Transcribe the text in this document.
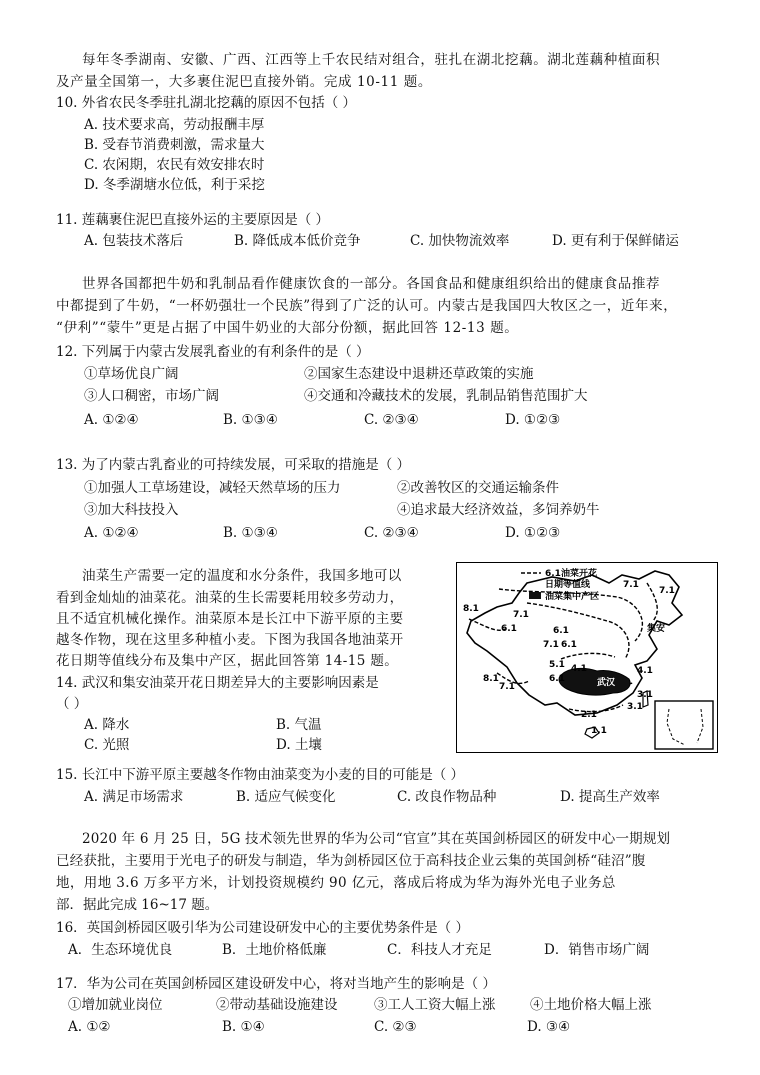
每年冬季湖南、安徽、广西、江西等上千农民结对组合，驻扎在湖北挖藕。湖北莲藕种植面积
及产量全国第一，大多裹住泥巴直接外销。完成 10-11 题。
10. 外省农民冬季驻扎湖北挖藕的原因不包括（ ）
A. 技术要求高，劳动报酬丰厚
B. 受春节消费刺激，需求量大
C. 农闲期，农民有效安排农时
D. 冬季湖塘水位低，利于采挖
11. 莲藕裹住泥巴直接外运的主要原因是（ ）
A. 包装技术落后	B. 降低成本低价竞争	C. 加快物流效率	D. 更有利于保鲜储运
世界各国都把牛奶和乳制品看作健康饮食的一部分。各国食品和健康组织给出的健康食品推荐
中都提到了牛奶，“一杯奶强壮一个民族”得到了广泛的认可。内蒙古是我国四大牧区之一，近年来，
“伊利”“蒙牛”更是占据了中国牛奶业的大部分份额，据此回答 12-13 题。
12. 下列属于内蒙古发展乳畜业的有利条件的是（ ）
①草场优良广阔	②国家生态建设中退耕还草政策的实施
③人口稠密，市场广阔	④交通和冷藏技术的发展，乳制品销售范围扩大
A. ①②④	B. ①③④	C. ②③④	D. ①②③
13. 为了内蒙古乳畜业的可持续发展，可采取的措施是（ ）
①加强人工草场建设，减轻天然草场的压力	②改善牧区的交通运输条件
③加大科技投入	④追求最大经济效益，多饲养奶牛
A. ①②④	B. ①③④	C. ②③④	D. ①②③
油菜生产需要一定的温度和水分条件，我国多地可以
看到金灿灿的油菜花。油菜的生长需要耗用较多劳动力，
且不适宜机械化操作。油菜原本是长江中下游平原的主要
越冬作物，现在这里多种植小麦。下图为我国各地油菜开
花日期等值线分布及集中产区，据此回答第 14-15 题。
6.1油菜开花
日期等值线
油菜集中产区
集安
武汉
8.1
7.1
6.1
7.1
6.1
7.1 6.1
4.1
5.1
4.1
3.1
8.1
7.1
6.1
3.1
2.1
1.1
7.1
14. 武汉和集安油菜开花日期差异大的主要影响因素是
（ ）
A. 降水	B. 气温
C. 光照	D. 土壤
15. 长江中下游平原主要越冬作物由油菜变为小麦的目的可能是（ ）
A. 满足市场需求	B. 适应气候变化	C. 改良作物品种	D. 提高生产效率
2020 年 6 月 25 日，5G 技术领先世界的华为公司“官宣”其在英国剑桥园区的研发中心一期规划
已经获批，主要用于光电子的研发与制造，华为剑桥园区位于高科技企业云集的英国剑桥“硅沼”腹
地，用地 3.6 万多平方米，计划投资规模约 90 亿元，落成后将成为华为海外光电子业务总
部．据此完成 16~17 题。
16．英国剑桥园区吸引华为公司建设研发中心的主要优势条件是（ ）
A．生态环境优良	B．土地价格低廉	C．科技人才充足	D．销售市场广阔
17．华为公司在英国剑桥园区建设研发中心，将对当地产生的影响是（ ）
①增加就业岗位	②带动基础设施建设	③工人工资大幅上涨	④土地价格大幅上涨
A. ①②	B. ①④	C. ②③	D. ③④
